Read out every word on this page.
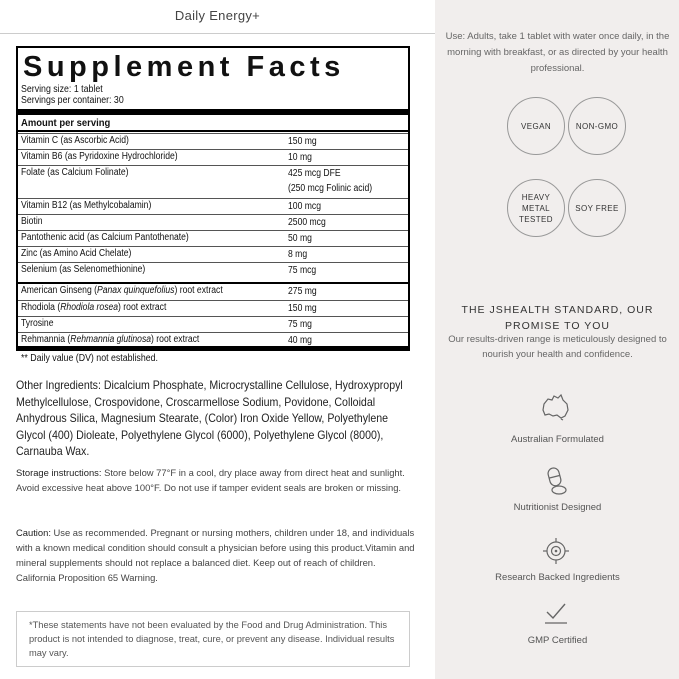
Daily Energy+
Supplement Facts
Serving size: 1 tablet
Servings per container: 30
Amount per serving
Vitamin C (as Ascorbic Acid)	150 mg
Vitamin B6 (as Pyridoxine Hydrochloride)	10 mg
Folate (as Calcium Folinate)	425 mcg DFE
(250 mcg Folinic acid)
Vitamin B12 (as Methylcobalamin)	100 mcg
Biotin	2500 mcg
Pantothenic acid (as Calcium Pantothenate)	50 mg
Zinc (as Amino Acid Chelate)	8 mg
Selenium (as Selenomethionine)	75 mcg
American Ginseng (Panax quinquefolius) root extract	275 mg
Rhodiola (Rhodiola rosea) root extract	150 mg
Tyrosine	75 mg
Rehmannia (Rehmannia glutinosa) root extract	40 mg
** Daily value (DV) not established.
Other Ingredients: Dicalcium Phosphate, Microcrystalline Cellulose, Hydroxypropyl Methylcellulose, Crospovidone, Croscarmellose Sodium, Povidone, Colloidal Anhydrous Silica, Magnesium Stearate, (Color) Iron Oxide Yellow, Polyethylene Glycol (400) Dioleate, Polyethylene Glycol (6000), Polyethylene Glycol (8000), Carnauba Wax.
Storage instructions: Store below 77°F in a cool, dry place away from direct heat and sunlight. Avoid excessive heat above 100°F. Do not use if tamper evident seals are broken or missing.
Caution: Use as recommended. Pregnant or nursing mothers, children under 18, and individuals with a known medical condition should consult a physician before using this product.Vitamin and mineral supplements should not replace a balanced diet. Keep out of reach of children. California Proposition 65 Warning.
*These statements have not been evaluated by the Food and Drug Administration. This product is not intended to diagnose, treat, cure, or prevent any disease. Individual results may vary.
Use: Adults, take 1 tablet with water once daily, in the morning with breakfast, or as directed by your health professional.
VEGAN	NON-GMO
HEAVY METAL TESTED
SOY FREE
THE JSHEALTH STANDARD, OUR PROMISE TO YOU
Our results-driven range is meticulously designed to nourish your health and confidence.
Australian Formulated
Nutritionist Designed
Research Backed Ingredients
GMP Certified
